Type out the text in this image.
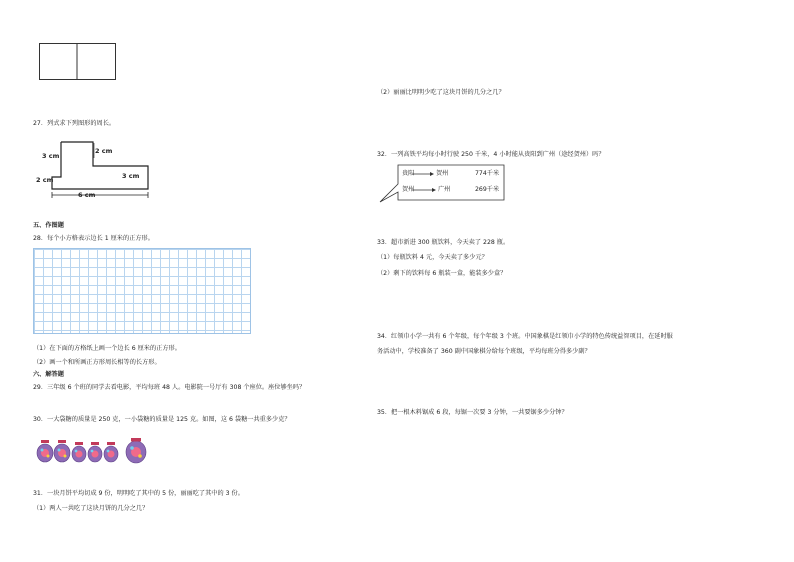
27．列式求下列图形的周长。
2 cm
3 cm
2 cm	3 cm
6 cm
五、作图题
28．每个小方格表示边长 1 厘米的正方形。
（1）在下面的方格纸上画一个边长 6 厘米的正方形。
（2）画一个和所画正方形周长相等的长方形。
六、解答题
29．三年级 6 个班的同学去看电影，平均每班 48 人。电影院一号厅有 308 个座位。座位够坐吗？
30．一大袋糖的质量是 250 克，一小袋糖的质量是 125 克。如图，这 6 袋糖一共重多少克？
31．一块月饼平均切成 9 份，明明吃了其中的 5 份，丽丽吃了其中的 3 份。
（1）两人一共吃了这块月饼的几分之几？
（2）丽丽比明明少吃了这块月饼的几分之几？
32．一列高铁平均每小时行驶 250 千米，4 小时能从贵阳到广州（途经贺州）吗？
贵阳	贺州	774千米
贺州	广州	269千米
33．超市新进 300 瓶饮料，今天卖了 228 瓶。
（1）每瓶饮料 4 元，今天卖了多少元？
（2）剩下的饮料每 6 瓶装一盒，能装多少盒？
34．红领巾小学一共有 6 个年级，每个年级 3 个班。中国象棋是红领巾小学的特色传统益智项目，在延时服
务活动中，学校准备了 360 副中国象棋分给每个班级，平均每班分得多少副？
35．把一根木料锯成 6 段，每锯一次要 3 分钟，一共要锯多少分钟？
